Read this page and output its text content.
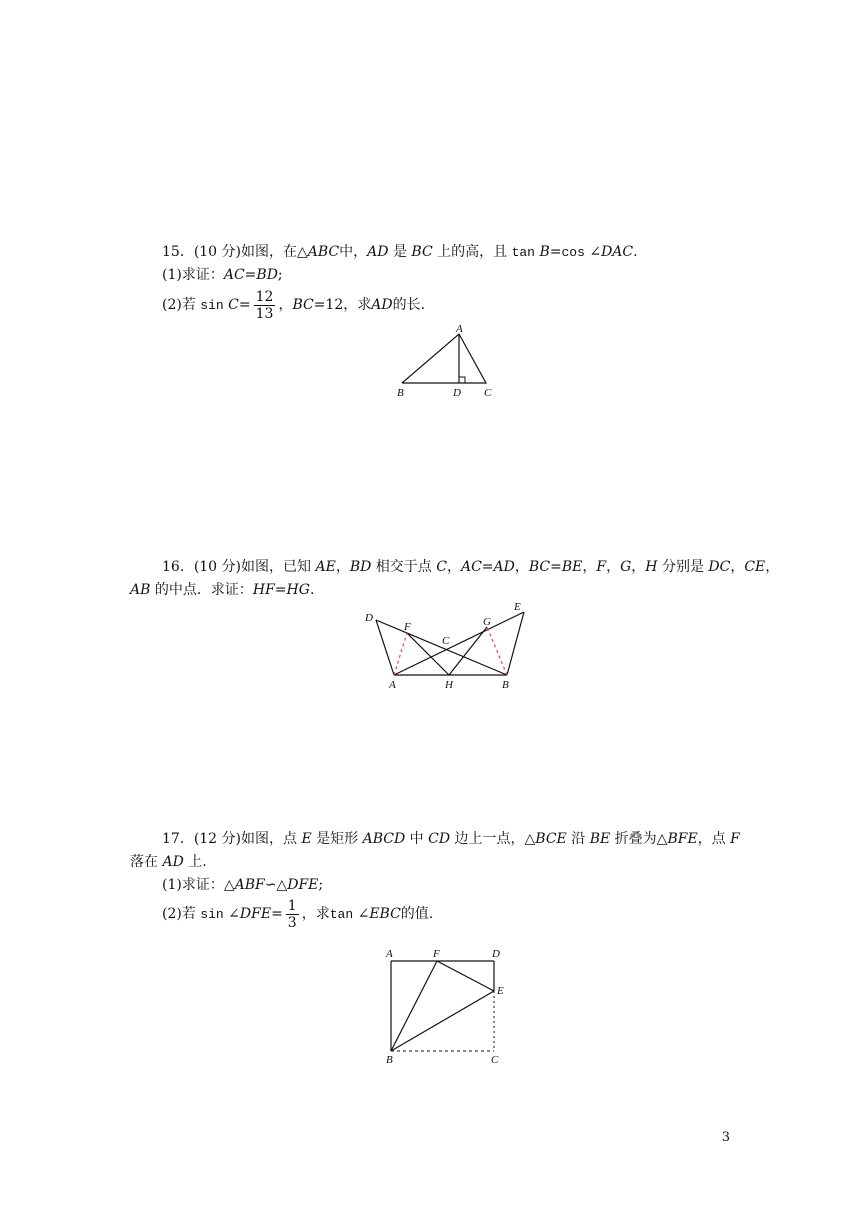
15．(10 分)如图，在△ABC中，AD 是 BC 上的高，且 tan B=cos ∠DAC.
(1)求证：AC=BD;
(2)若 $\sin C= \frac{12}{13}$ ，BC=12，求AD的长.
A
B	D C
16．(10 分)如图，已知 AE，BD 相交于点 C，AC=AD，BC=BE，F，G，H 分别是 DC，CE，
AB 的中点．求证：HF=HG.
D
F
C
G
E
A	H	B
17．(12 分)如图，点 E 是矩形 ABCD 中 CD 边上一点，△BCE 沿 BE 折叠为△BFE，点 F
落在 AD 上.
(1)求证：△ABF∽△DFE;
(2)若 sin ∠DFE= $\frac{1}{3}$ ，求tan ∠EBC的值.
A	F	D
E
B	C
3
